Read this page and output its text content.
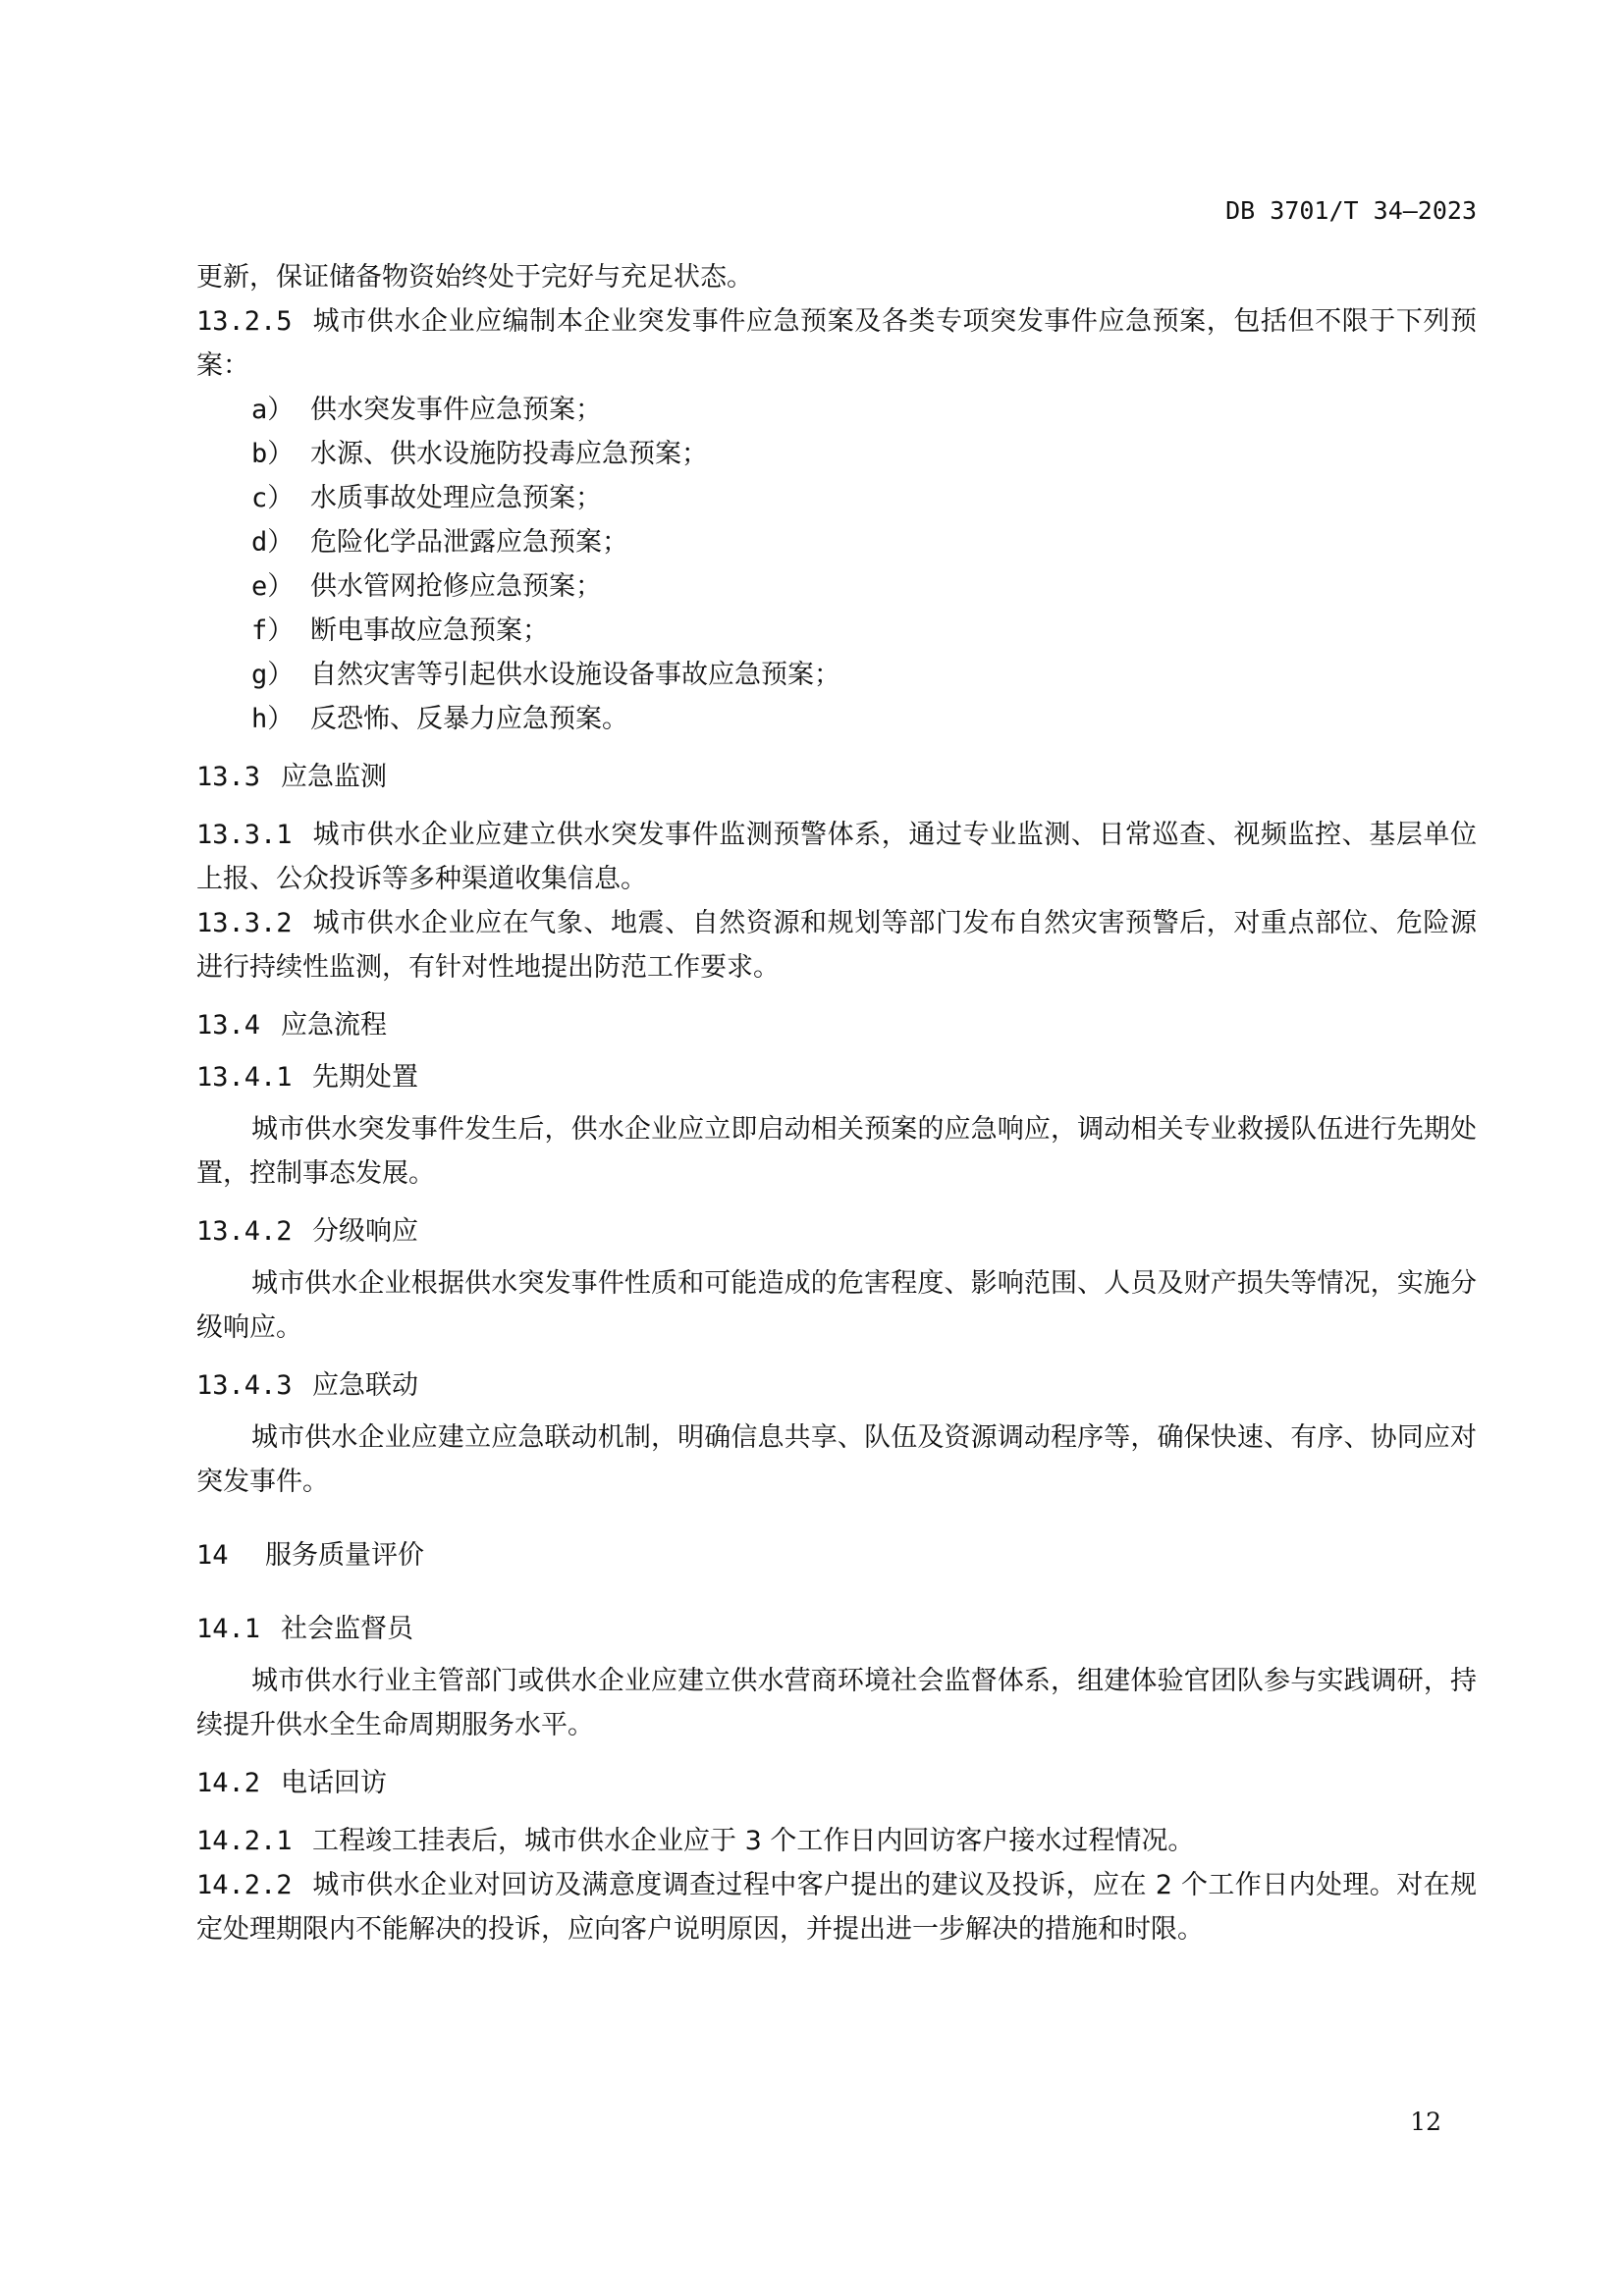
DB 3701/T 34—2023

更新，保证储备物资始终处于完好与充足状态。

13.2.5 城市供水企业应编制本企业突发事件应急预案及各类专项突发事件应急预案，包括但不限于下列预案：

a） 供水突发事件应急预案；

b） 水源、供水设施防投毒应急预案；

c） 水质事故处理应急预案；

d） 危险化学品泄露应急预案；

e） 供水管网抢修应急预案；

f） 断电事故应急预案；

g） 自然灾害等引起供水设施设备事故应急预案；

h） 反恐怖、反暴力应急预案。

13.3 应急监测

13.3.1 城市供水企业应建立供水突发事件监测预警体系，通过专业监测、日常巡查、视频监控、基层单位上报、公众投诉等多种渠道收集信息。

13.3.2 城市供水企业应在气象、地震、自然资源和规划等部门发布自然灾害预警后，对重点部位、危险源进行持续性监测，有针对性地提出防范工作要求。

13.4 应急流程

13.4.1 先期处置

城市供水突发事件发生后，供水企业应立即启动相关预案的应急响应，调动相关专业救援队伍进行先期处置，控制事态发展。

13.4.2 分级响应

城市供水企业根据供水突发事件性质和可能造成的危害程度、影响范围、人员及财产损失等情况，实施分级响应。

13.4.3 应急联动

城市供水企业应建立应急联动机制，明确信息共享、队伍及资源调动程序等，确保快速、有序、协同应对突发事件。

14 服务质量评价

14.1 社会监督员

城市供水行业主管部门或供水企业应建立供水营商环境社会监督体系，组建体验官团队参与实践调研，持续提升供水全生命周期服务水平。

14.2 电话回访

14.2.1 工程竣工挂表后，城市供水企业应于 3 个工作日内回访客户接水过程情况。

14.2.2 城市供水企业对回访及满意度调查过程中客户提出的建议及投诉，应在 2 个工作日内处理。对在规定处理期限内不能解决的投诉，应向客户说明原因，并提出进一步解决的措施和时限。

12
